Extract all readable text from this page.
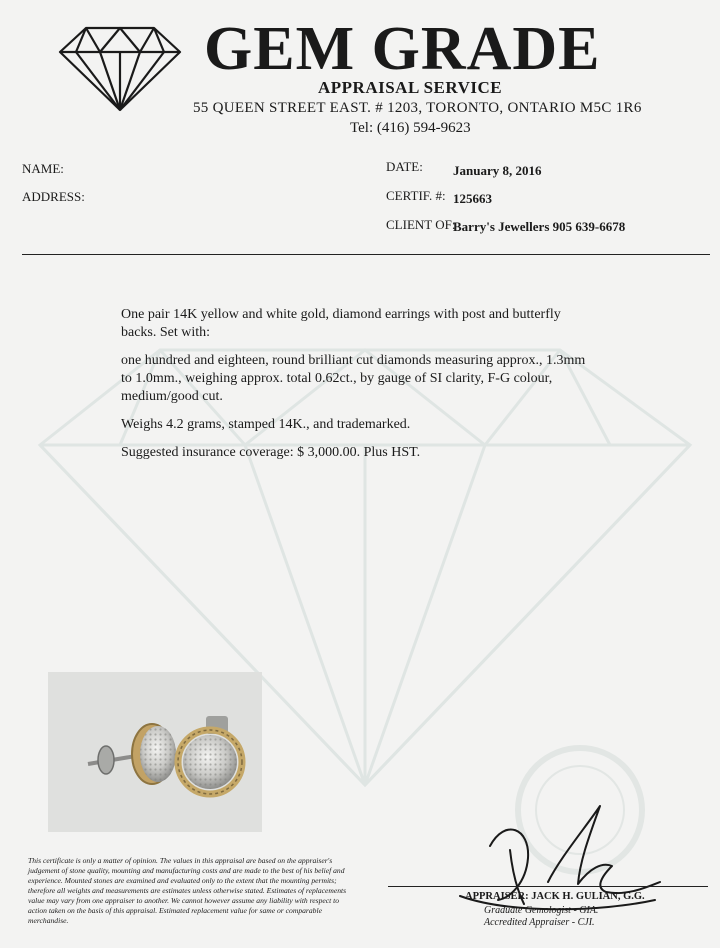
GEM GRADE
APPRAISAL SERVICE
55 QUEEN STREET EAST. # 1203, TORONTO, ONTARIO M5C 1R6
Tel: (416) 594-9623
NAME:
ADDRESS:
DATE: January 8, 2016
CERTIF. #: 125663
CLIENT OF:
Barry's Jewellers 905 639-6678

One pair 14K yellow and white gold, diamond earrings with post and butterfly backs. Set with:

one hundred and eighteen, round brilliant cut diamonds measuring approx., 1.3mm to 1.0mm., weighing approx. total 0.62ct., by gauge of SI clarity, F-G colour, medium/good cut.

Weighs 4.2 grams, stamped 14K., and trademarked.

Suggested insurance coverage: $ 3,000.00. Plus HST.

This certificate is only a matter of opinion. The values in this appraisal are based on the appraiser's judgement of stone quality, mounting and manufacturing costs and are made to the best of his belief and experience. Mounted stones are examined and evaluated only to the extent that the mounting permits; therefore all weights and measurements are estimates unless otherwise stated. Estimates of replacements value may vary from one appraiser to another. We cannot however assume any liability with respect to action taken on the basis of this appraisal. Estimated replacement value for same or comparable merchandise.

APPRAISER: JACK H. GULIAN, G.G.
Graduate Gemologist - GIA.
Accredited Appraiser - CJI.
